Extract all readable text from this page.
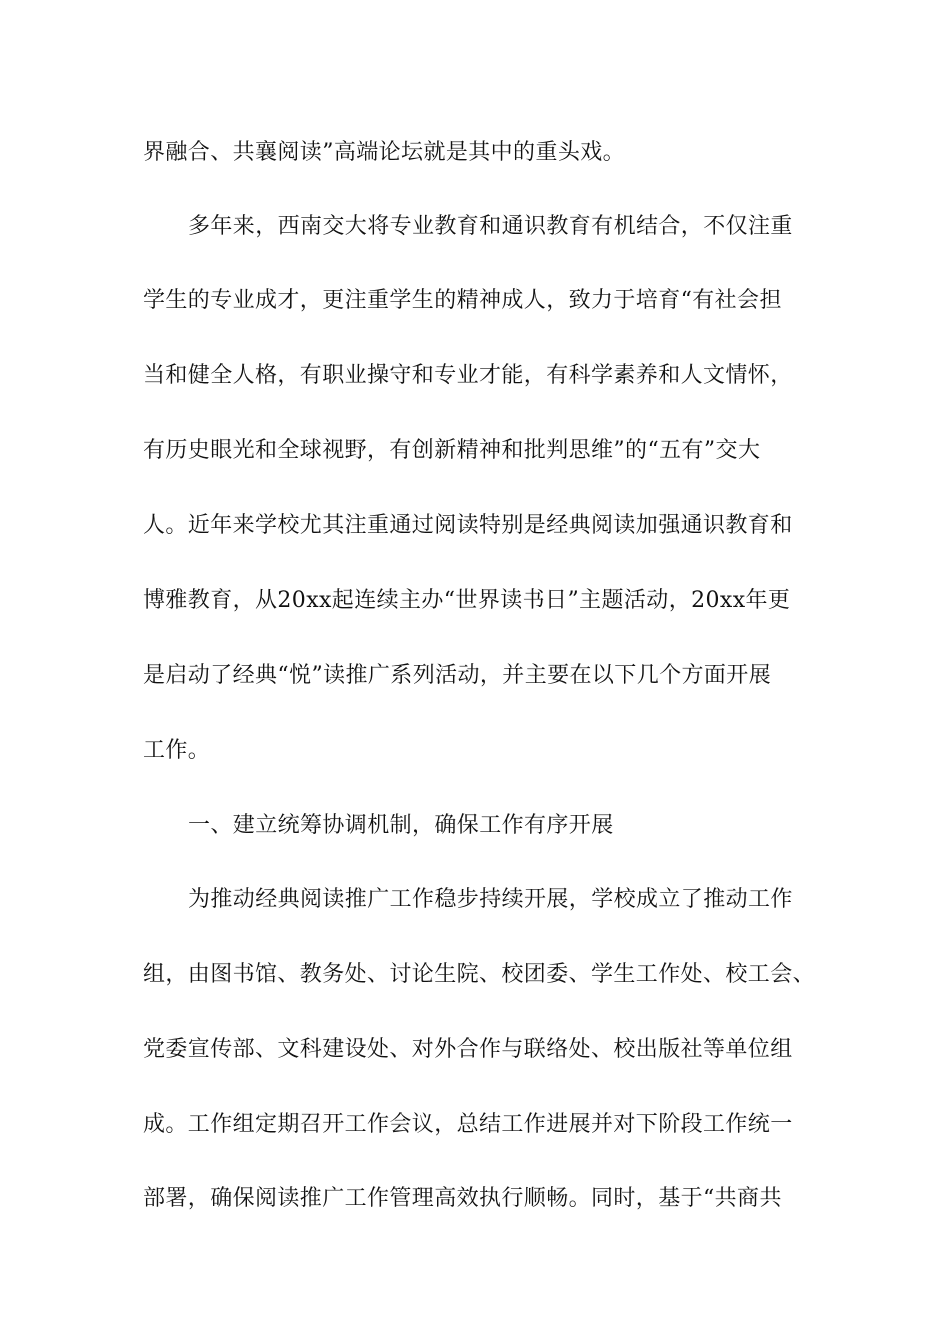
界融合、共襄阅读”高端论坛就是其中的重头戏。
多年来，西南交大将专业教育和通识教育有机结合，不仅注重
学生的专业成才，更注重学生的精神成人，致力于培育“有社会担
当和健全人格，有职业操守和专业才能，有科学素养和人文情怀，
有历史眼光和全球视野，有创新精神和批判思维”的“五有”交大
人。近年来学校尤其注重通过阅读特别是经典阅读加强通识教育和
博雅教育，从20xx起连续主办“世界读书日”主题活动，20xx年更
是启动了经典“悦”读推广系列活动，并主要在以下几个方面开展
工作。
一、建立统筹协调机制，确保工作有序开展
为推动经典阅读推广工作稳步持续开展，学校成立了推动工作
组，由图书馆、教务处、讨论生院、校团委、学生工作处、校工会、
党委宣传部、文科建设处、对外合作与联络处、校出版社等单位组
成。工作组定期召开工作会议，总结工作进展并对下阶段工作统一
部署，确保阅读推广工作管理高效执行顺畅。同时，基于“共商共
